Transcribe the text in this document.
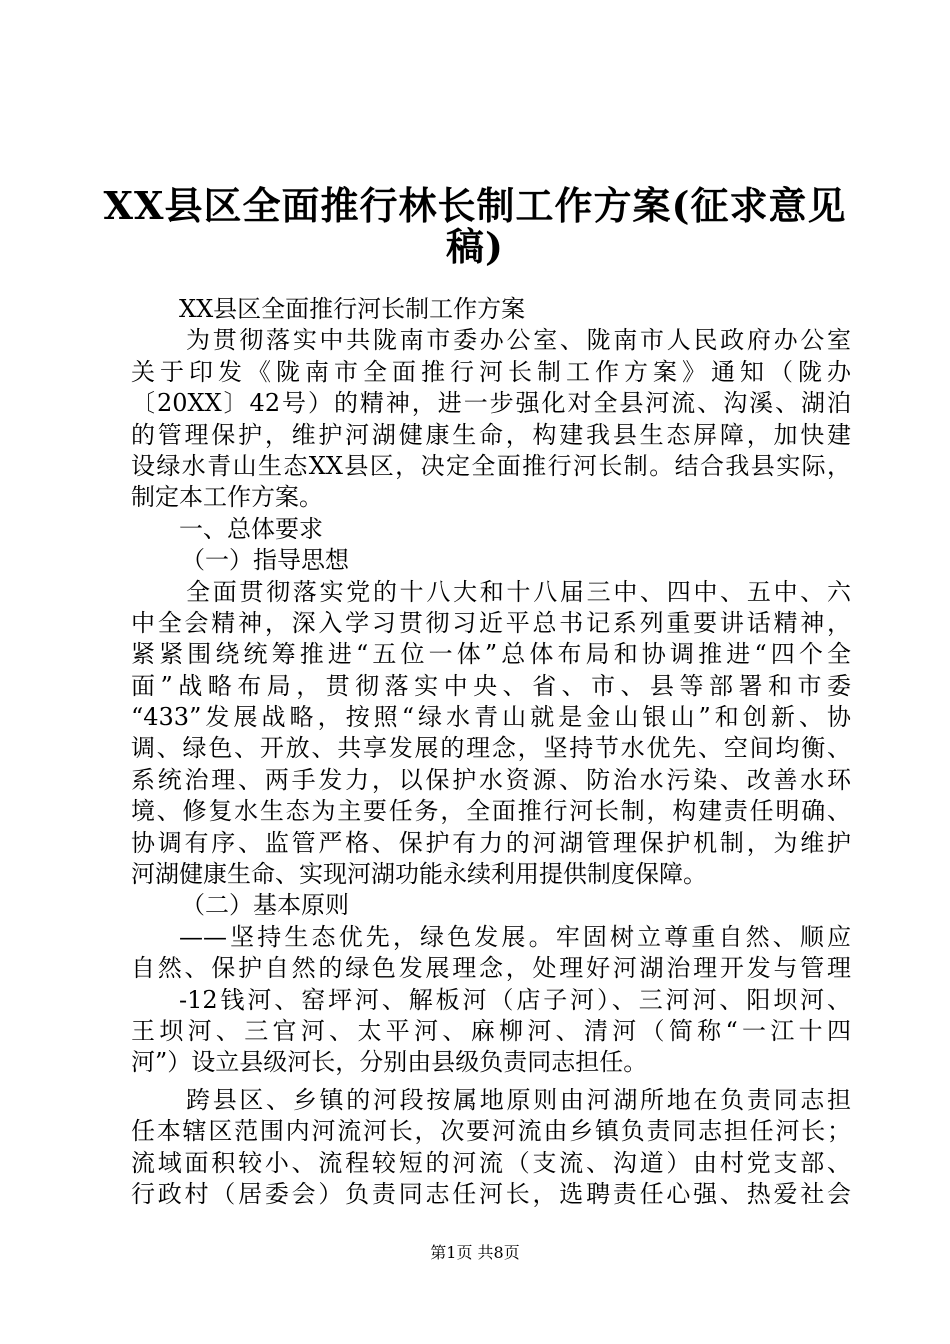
XX县区全面推行林长制工作方案(征求意见
稿)
XX县区全面推行河长制工作方案
为贯彻落实中共陇南市委办公室、陇南市人民政府办公室
关于印发《陇南市全面推行河长制工作方案》通知（陇办
〔20XX〕42号）的精神，进一步强化对全县河流、沟溪、湖泊
的管理保护，维护河湖健康生命，构建我县生态屏障，加快建
设绿水青山生态XX县区，决定全面推行河长制。结合我县实际，
制定本工作方案。
一、总体要求
（一）指导思想
全面贯彻落实党的十八大和十八届三中、四中、五中、六
中全会精神，深入学习贯彻习近平总书记系列重要讲话精神，
紧紧围绕统筹推进“五位一体”总体布局和协调推进“四个全
面”战略布局，贯彻落实中央、省、市、县等部署和市委
“433”发展战略，按照“绿水青山就是金山银山”和创新、协
调、绿色、开放、共享发展的理念，坚持节水优先、空间均衡、
系统治理、两手发力，以保护水资源、防治水污染、改善水环
境、修复水生态为主要任务，全面推行河长制，构建责任明确、
协调有序、监管严格、保护有力的河湖管理保护机制，为维护
河湖健康生命、实现河湖功能永续利用提供制度保障。
（二）基本原则
——坚持生态优先，绿色发展。牢固树立尊重自然、顺应
自然、保护自然的绿色发展理念，处理好河湖治理开发与管理
-12钱河、窑坪河、解板河（店子河）、三河河、阳坝河、
王坝河、三官河、太平河、麻柳河、清河（简称“一江十四
河”）设立县级河长，分别由县级负责同志担任。
跨县区、乡镇的河段按属地原则由河湖所地在负责同志担
任本辖区范围内河流河长，次要河流由乡镇负责同志担任河长；
流域面积较小、流程较短的河流（支流、沟道）由村党支部、
行政村（居委会）负责同志任河长，选聘责任心强、热爱社会
第1页 共8页
